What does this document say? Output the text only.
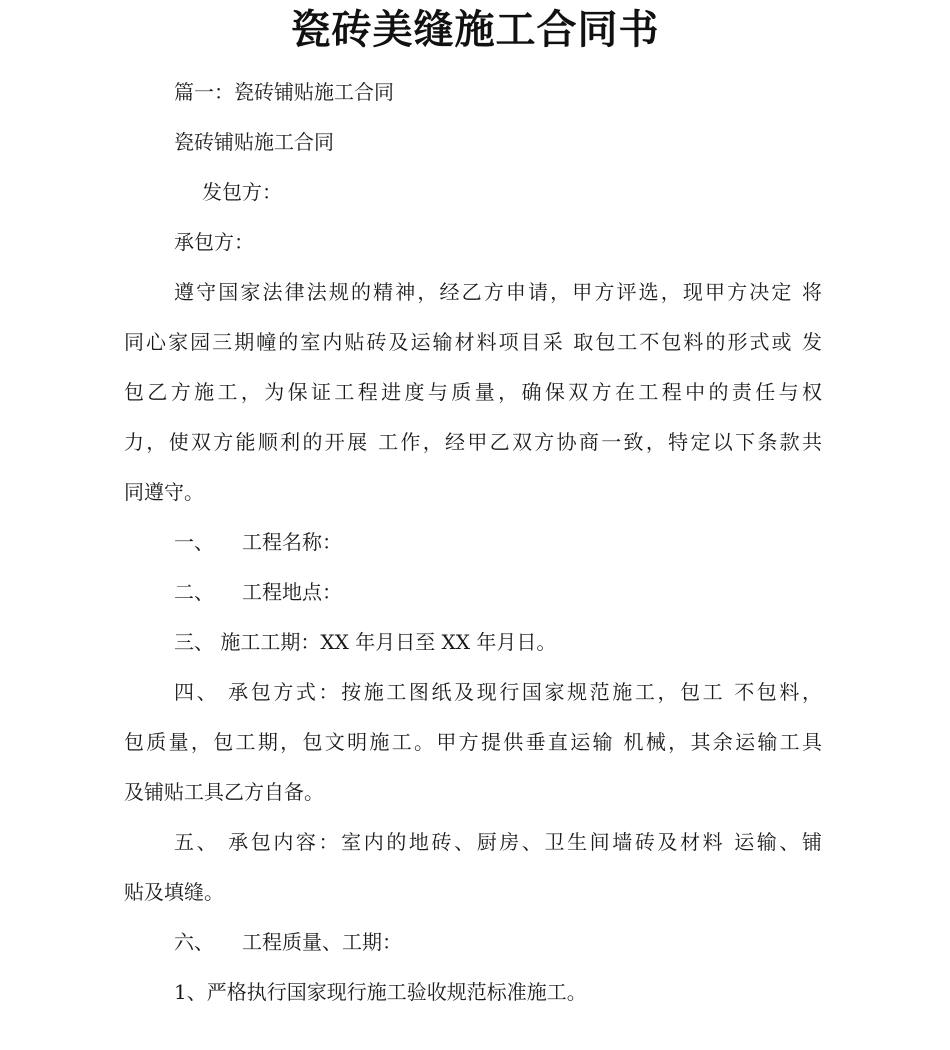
瓷砖美缝施工合同书
篇一：瓷砖铺贴施工合同
瓷砖铺贴施工合同
发包方：
承包方：
遵守国家法律法规的精神，经乙方申请，甲方评选，现甲方决定 将
同心家园三期幢的室内贴砖及运输材料项目采 取包工不包料的形式或 发
包乙方施工，为保证工程进度与质量，确保双方在工程中的责任与权
力，使双方能顺利的开展 工作，经甲乙双方协商一致，特定以下条款共
同遵守。
一、 工程名称：
二、 工程地点：
三、 施工工期：XX 年月日至 XX 年月日。
四、 承包方式：按施工图纸及现行国家规范施工，包工 不包料，
包质量，包工期，包文明施工。甲方提供垂直运输 机械，其余运输工具
及铺贴工具乙方自备。
五、 承包内容：室内的地砖、厨房、卫生间墙砖及材料 运输、铺
贴及填缝。
六、 工程质量、工期：
1、严格执行国家现行施工验收规范标准施工。
